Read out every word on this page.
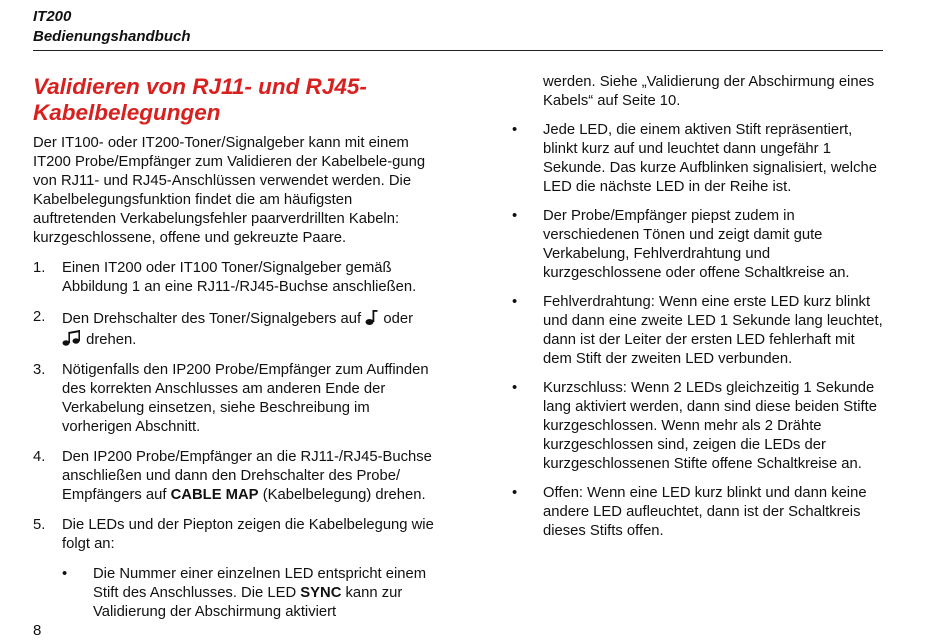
IT200
Bedienungshandbuch
Validieren von RJ11- und RJ45-Kabelbelegungen

Der IT100- oder IT200-Toner/Signalgeber kann mit einem IT200 Probe/Empfänger zum Validieren der Kabelbele-gung von RJ11- und RJ45-Anschlüssen verwendet werden. Die Kabelbelegungsfunktion findet die am häufigsten auftretenden Verkabelungsfehler paarverdrillten Kabeln: kurzgeschlossene, offene und gekreuzte Paare.

1. Einen IT200 oder IT100 Toner/Signalgeber gemäß Abbildung 1 an eine RJ11-/RJ45-Buchse anschließen.
2. Den Drehschalter des Toner/Signalgebers auf oder
drehen.
3. Nötigenfalls den IP200 Probe/Empfänger zum Auffinden des korrekten Anschlusses am anderen Ende der Verkabelung einsetzen, siehe Beschreibung im vorherigen Abschnitt.
4. Den IP200 Probe/Empfänger an die RJ11-/RJ45-Buchse anschließen und dann den Drehschalter des Probe/ Empfängers auf CABLE MAP (Kabelbelegung) drehen.
5. Die LEDs und der Piepton zeigen die Kabelbelegung wie folgt an:
• Die Nummer einer einzelnen LED entspricht einem Stift des Anschlusses. Die LED SYNC kann zur Validierung der Abschirmung aktiviert

werden. Siehe „Validierung der Abschirmung eines Kabels“ auf Seite 10.

• Jede LED, die einem aktiven Stift repräsentiert, blinkt kurz auf und leuchtet dann ungefähr 1 Sekunde. Das kurze Aufblinken signalisiert, welche LED die nächste LED in der Reihe ist.
• Der Probe/Empfänger piepst zudem in verschiedenen Tönen und zeigt damit gute Verkabelung, Fehlverdrahtung und kurzgeschlossene oder offene Schaltkreise an.
• Fehlverdrahtung: Wenn eine erste LED kurz blinkt und dann eine zweite LED 1 Sekunde lang leuchtet, dann ist der Leiter der ersten LED fehlerhaft mit dem Stift der zweiten LED verbunden.
• Kurzschluss: Wenn 2 LEDs gleichzeitig 1 Sekunde lang aktiviert werden, dann sind diese beiden Stifte kurzgeschlossen. Wenn mehr als 2 Drähte kurzgeschlossen sind, zeigen die LEDs der kurzgeschlossenen Stifte offene Schaltkreise an.
• Offen: Wenn eine LED kurz blinkt und dann keine andere LED aufleuchtet, dann ist der Schaltkreis dieses Stifts offen.
8
